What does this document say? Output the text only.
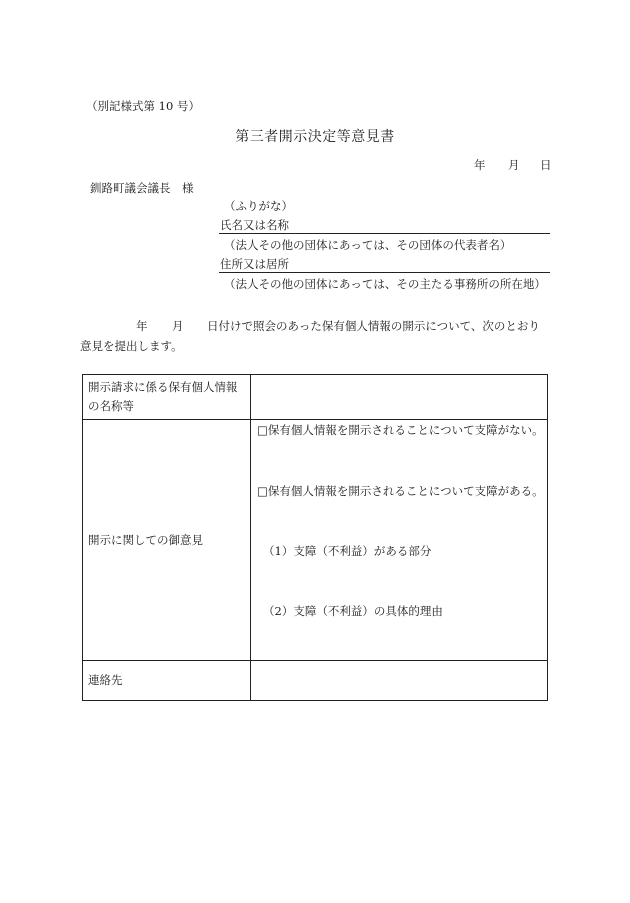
（別記様式第 10 号）
第三者開示決定等意見書
年 月 日
釧路町議会議長　様
（ふりがな）
氏名又は名称
（法人その他の団体にあっては、その団体の代表者名）
住所又は居所
（法人その他の団体にあっては、その主たる事務所の所在地）
年 月 日付けで照会のあった保有個人情報の開示について、次のとおり
意見を提出します。
開示請求に係る保有個人情報の名称等	
開示に関しての御意見	□保有個人情報を開示されることについて支障がない。
□保有個人情報を開示されることについて支障がある。
（1）支障（不利益）がある部分
（2）支障（不利益）の具体的理由

連絡先	
